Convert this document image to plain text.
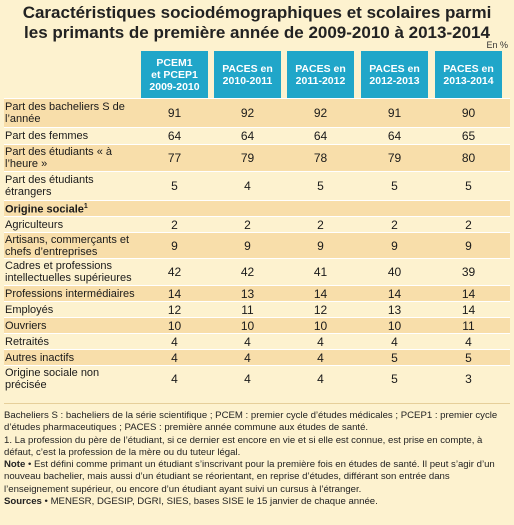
Caractéristiques sociodémographiques et scolaires parmi
les primants de première année de 2009-2010 à 2013-2014
En %
PCEM1
et PCEP1
2009-2010
PACES en
2010-2011
PACES en
2011-2012
PACES en
2012-2013
PACES en
2013-2014
Part des bacheliers S de l’année	91	92	92	91	90
Part des femmes	64	64	64	64	65
Part des étudiants « à l’heure »	77	79	78	79	80
Part des étudiants étrangers	5	4	5	5	5
Origine sociale$^1$
Agriculteurs	2	2	2	2	2
Artisans, commerçants et chefs d’entreprises	9	9	9	9	9
Cadres et professions intellectuelles supérieures	42	42	41	40	39
Professions intermédiaires	14	13	14	14	14
Employés	12	11	12	13	14
Ouvriers	10	10	10	10	11
Retraités	4	4	4	4	4
Autres inactifs	4	4	4	5	5
Origine sociale non précisée	4	4	4	5	3
Bacheliers S : bacheliers de la série scientifique ; PCEM : premier cycle d’études médicales ; PCEP1 : premier cycle d’études pharmaceutiques ; PACES : première année commune aux études de santé.
1. La profession du père de l’étudiant, si ce dernier est encore en vie et si elle est connue, est prise en compte, à défaut, c’est la profession de la mère ou du tuteur légal.
Note • Est défini comme primant un étudiant s’inscrivant pour la première fois en études de santé. Il peut s’agir d’un nouveau bachelier, mais aussi d’un étudiant se réorientant, en reprise d’études, différant son entrée dans l’enseignement supérieur, ou encore d’un étudiant ayant suivi un cursus à l’étranger.
Sources • MENESR, DGESIP, DGRI, SIES, bases SISE le 15 janvier de chaque année.
